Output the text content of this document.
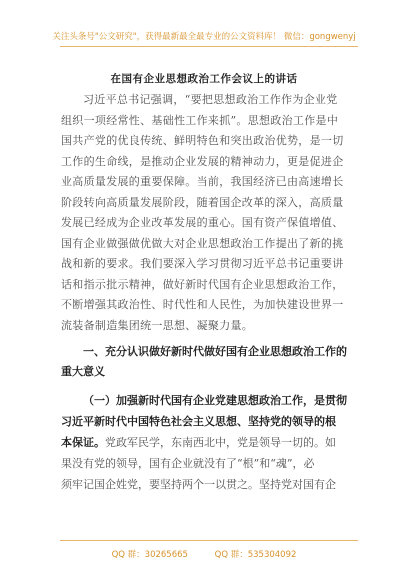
关注头条号"公文研究"，获得最新最全最专业的公文资料库！ 微信：gongwenyj
在国有企业思想政治工作会议上的讲话

习近平总书记强调，“要把思想政治工作作为企业党
组织一项经常性、基础性工作来抓”。思想政治工作是中
国共产党的优良传统、鲜明特色和突出政治优势，是一切
工作的生命线，是推动企业发展的精神动力，更是促进企
业高质量发展的重要保障。当前，我国经济已由高速增长
阶段转向高质量发展阶段，随着国企改革的深入，高质量
发展已经成为企业改革发展的重心。国有资产保值增值、
国有企业做强做优做大对企业思想政治工作提出了新的挑
战和新的要求。我们要深入学习贯彻习近平总书记重要讲
话和指示批示精神，做好新时代国有企业思想政治工作，
不断增强其政治性、时代性和人民性，为加快建设世界一
流装备制造集团统一思想、凝聚力量。

一、充分认识做好新时代做好国有企业思想政治工作的
重大意义
（一）加强新时代国有企业党建思想政治工作，是贯彻
习近平新时代中国特色社会主义思想、坚持党的领导的根
本保证。党政军民学，东南西北中，党是领导一切的。如
果没有党的领导，国有企业就没有了“根”和“魂”，必
须牢记国企姓党，要坚持两个一以贯之。坚持党对国有企
QQ 群：30265665	QQ 群：535304092
